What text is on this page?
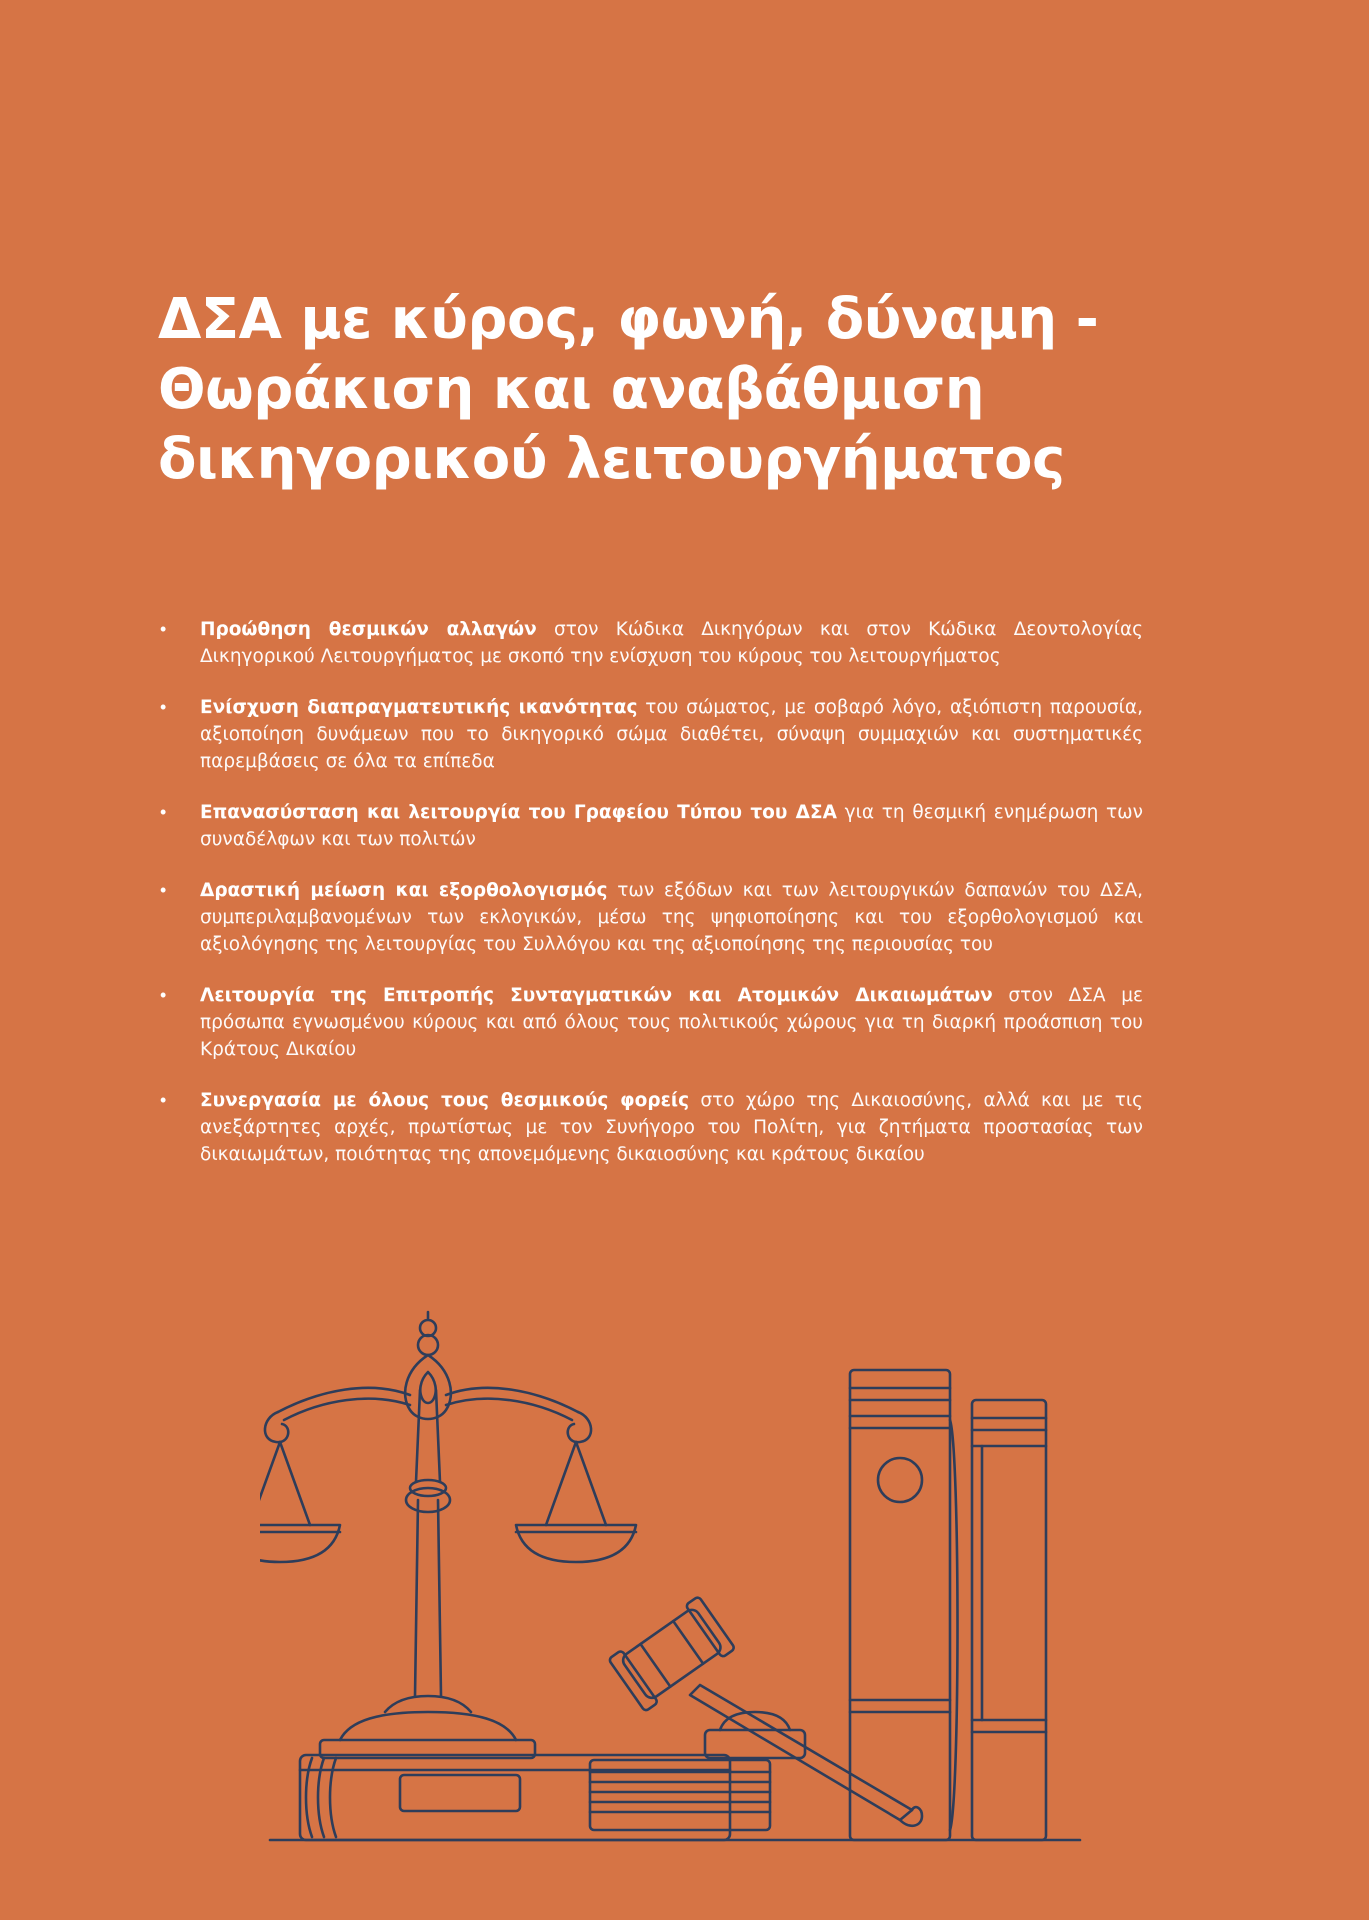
ΔΣΑ με κύρος, φωνή, δύναμη -
Θωράκιση και αναβάθμιση
δικηγορικού λειτουργήματος
• Προώθηση θεσμικών αλλαγών στον Κώδικα Δικηγόρων και στον Κώδικα Δεοντολογίας Δικηγορικού Λειτουργήματος με σκοπό την ενίσχυση του κύρους του λειτουργήματος
• Ενίσχυση διαπραγματευτικής ικανότητας του σώματος, με σοβαρό λόγο, αξιόπιστη παρουσία, αξιοποίηση δυνάμεων που το δικηγορικό σώμα διαθέτει, σύναψη συμμαχιών και συστηματικές παρεμβάσεις σε όλα τα επίπεδα
• Επανασύσταση και λειτουργία του Γραφείου Τύπου του ΔΣΑ για τη θεσμική ενημέρωση των συναδέλφων και των πολιτών
• Δραστική μείωση και εξορθολογισμός των εξόδων και των λειτουργικών δαπανών του ΔΣΑ, συμπεριλαμβανομένων των εκλογικών, μέσω της ψηφιοποίησης και του εξορθολογισμού και αξιολόγησης της λειτουργίας του Συλλόγου και της αξιοποίησης της περιουσίας του
• Λειτουργία της Επιτροπής Συνταγματικών και Ατομικών Δικαιωμάτων στον ΔΣΑ με πρόσωπα εγνωσμένου κύρους και από όλους τους πολιτικούς χώρους για τη διαρκή προάσπιση του Κράτους Δικαίου
• Συνεργασία με όλους τους θεσμικούς φορείς στο χώρο της Δικαιοσύνης, αλλά και με τις ανεξάρτητες αρχές, πρωτίστως με τον Συνήγορο του Πολίτη, για ζητήματα προστασίας των δικαιωμάτων, ποιότητας της απονεμόμενης δικαιοσύνης και κράτους δικαίου
